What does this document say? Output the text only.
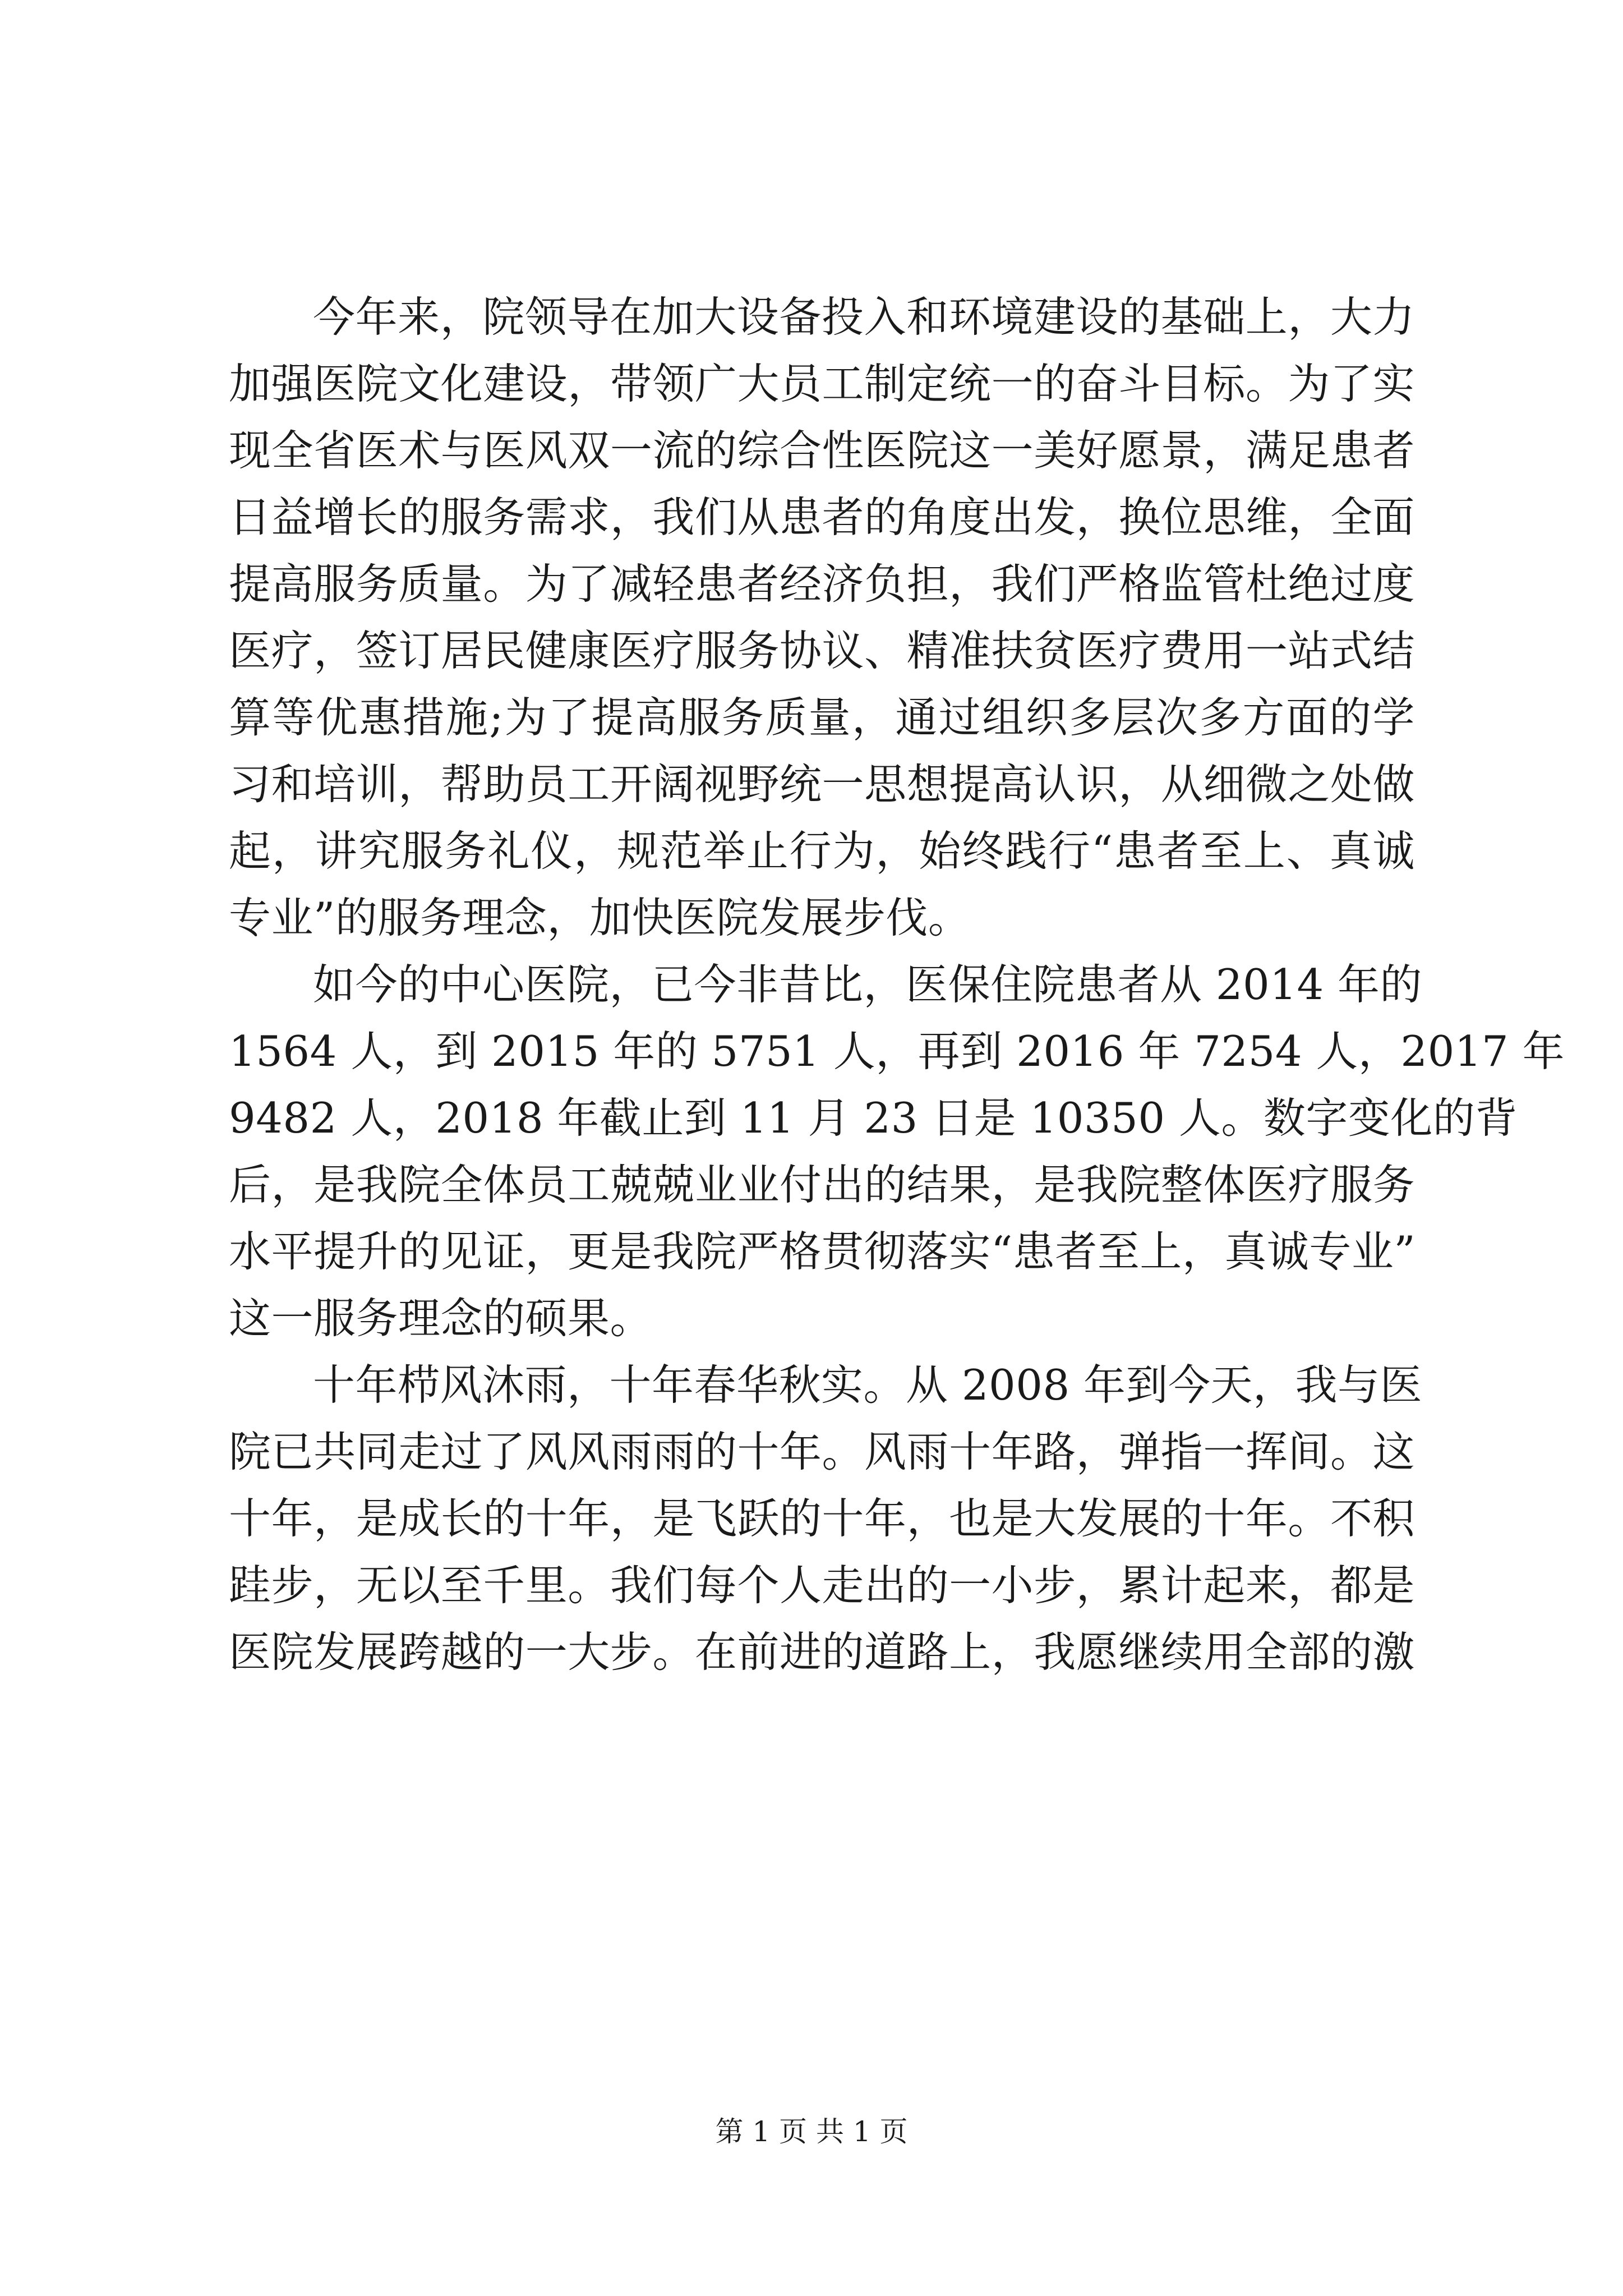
今年来，院领导在加大设备投入和环境建设的基础上，大力
加强医院文化建设，带领广大员工制定统一的奋斗目标。为了实
现全省医术与医风双一流的综合性医院这一美好愿景，满足患者
日益增长的服务需求，我们从患者的角度出发，换位思维，全面
提高服务质量。为了减轻患者经济负担，我们严格监管杜绝过度
医疗，签订居民健康医疗服务协议、精准扶贫医疗费用一站式结
算等优惠措施;为了提高服务质量，通过组织多层次多方面的学
习和培训，帮助员工开阔视野统一思想提高认识，从细微之处做
起，讲究服务礼仪，规范举止行为，始终践行“患者至上、真诚
专业”的服务理念，加快医院发展步伐。

如今的中心医院，已今非昔比，医保住院患者从 2014 年的
1564 人，到 2015 年的 5751 人，再到 2016 年 7254 人，2017 年
9482 人，2018 年截止到 11 月 23 日是 10350 人。数字变化的背
后，是我院全体员工兢兢业业付出的结果，是我院整体医疗服务
水平提升的见证，更是我院严格贯彻落实“患者至上，真诚专业”
这一服务理念的硕果。

十年栉风沐雨，十年春华秋实。从 2008 年到今天，我与医
院已共同走过了风风雨雨的十年。风雨十年路，弹指一挥间。这
十年，是成长的十年，是飞跃的十年，也是大发展的十年。不积
跬步，无以至千里。我们每个人走出的一小步，累计起来，都是
医院发展跨越的一大步。在前进的道路上，我愿继续用全部的激

第 1 页 共 1 页
